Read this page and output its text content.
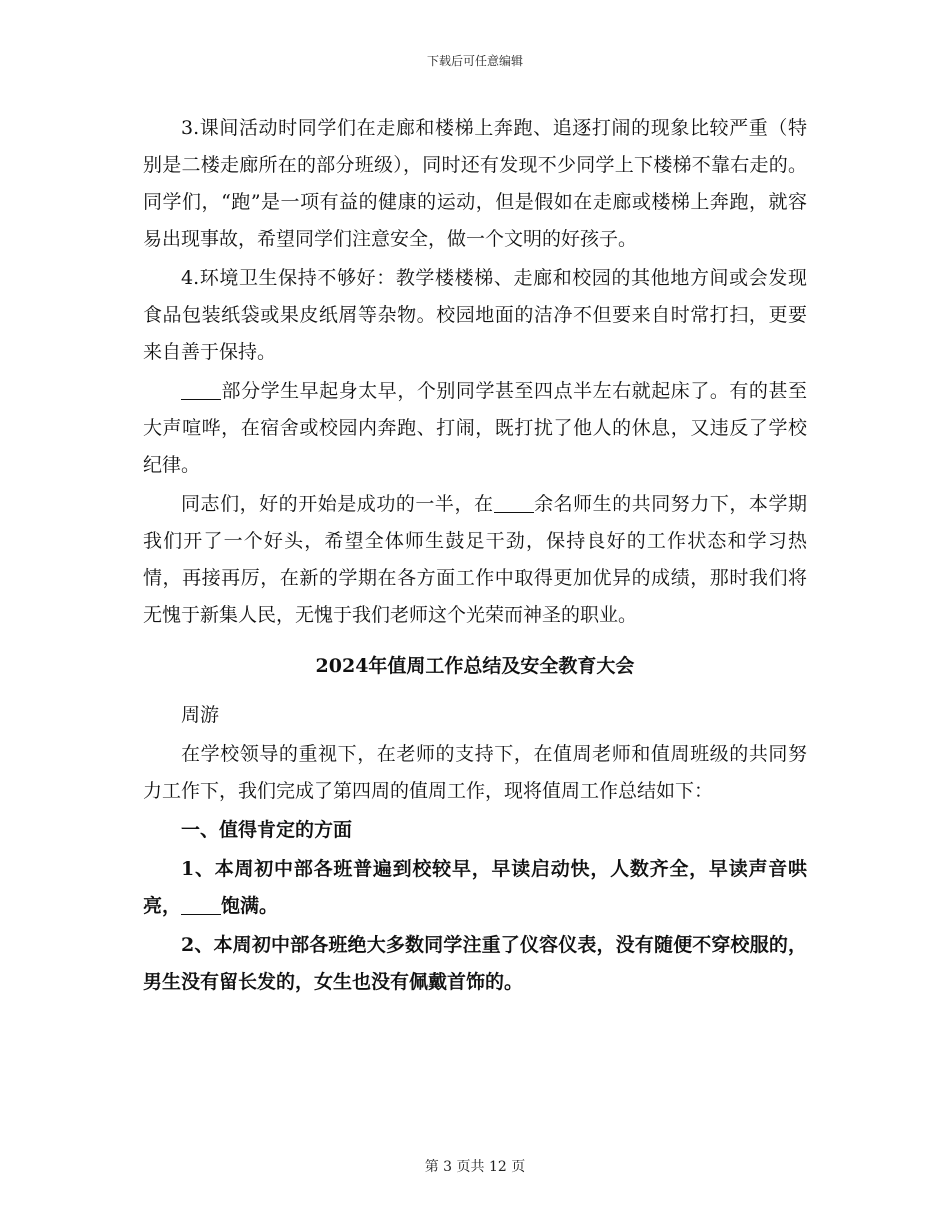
下载后可任意编辑

3.课间活动时同学们在走廊和楼梯上奔跑、追逐打闹的现象比较严重（特别是二楼走廊所在的部分班级），同时还有发现不少同学上下楼梯不靠右走的。同学们，“跑”是一项有益的健康的运动，但是假如在走廊或楼梯上奔跑，就容易出现事故，希望同学们注意安全，做一个文明的好孩子。

4.环境卫生保持不够好：教学楼楼梯、走廊和校园的其他地方间或会发现食品包装纸袋或果皮纸屑等杂物。校园地面的洁净不但要来自时常打扫，更要来自善于保持。

部分学生早起身太早，个别同学甚至四点半左右就起床了。有的甚至大声喧哗，在宿舍或校园内奔跑、打闹，既打扰了他人的休息，又违反了学校纪律。

同志们，好的开始是成功的一半，在 余名师生的共同努力下，本学期我们开了一个好头，希望全体师生鼓足干劲，保持良好的工作状态和学习热情，再接再厉，在新的学期在各方面工作中取得更加优异的成绩，那时我们将无愧于新集人民，无愧于我们老师这个光荣而神圣的职业。

2024年值周工作总结及安全教育大会

周游

在学校领导的重视下，在老师的支持下，在值周老师和值周班级的共同努力工作下，我们完成了第四周的值周工作，现将值周工作总结如下：

一、值得肯定的方面

1、本周初中部各班普遍到校较早，早读启动快，人数齐全，早读声音哄亮， 饱满。

2、本周初中部各班绝大多数同学注重了仪容仪表，没有随便不穿校服的，男生没有留长发的，女生也没有佩戴首饰的。

第 3 页共 12 页
